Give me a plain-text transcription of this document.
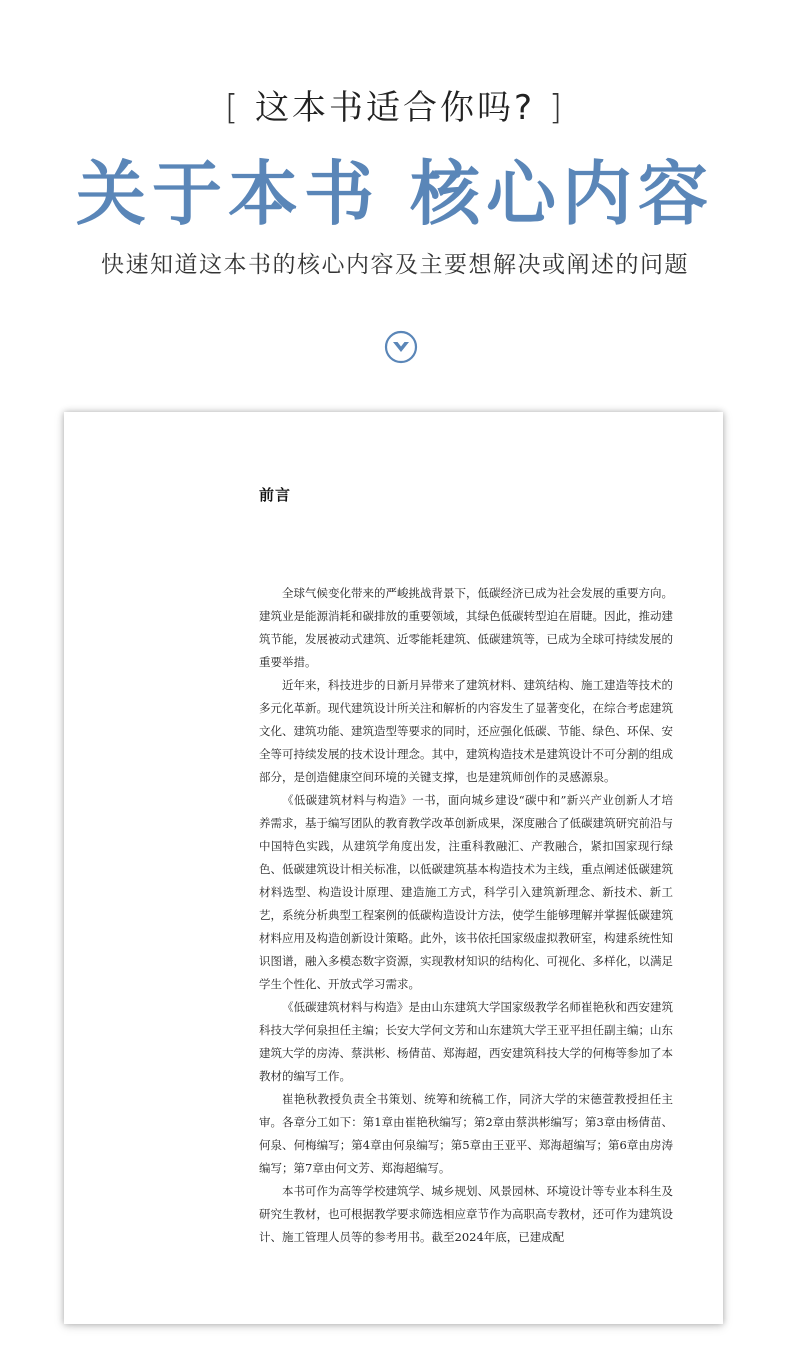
[ 这本书适合你吗? ]
关于本书 核心内容
快速知道这本书的核心内容及主要想解决或阐述的问题
前言

全球气候变化带来的严峻挑战背景下，低碳经济已成为社会发展的重要方向。建筑业是能源消耗和碳排放的重要领域，其绿色低碳转型迫在眉睫。因此，推动建筑节能，发展被动式建筑、近零能耗建筑、低碳建筑等，已成为全球可持续发展的重要举措。

近年来，科技进步的日新月异带来了建筑材料、建筑结构、施工建造等技术的多元化革新。现代建筑设计所关注和解析的内容发生了显著变化，在综合考虑建筑文化、建筑功能、建筑造型等要求的同时，还应强化低碳、节能、绿色、环保、安全等可持续发展的技术设计理念。其中，建筑构造技术是建筑设计不可分割的组成部分，是创造健康空间环境的关键支撑，也是建筑师创作的灵感源泉。

《低碳建筑材料与构造》一书，面向城乡建设“碳中和”新兴产业创新人才培养需求，基于编写团队的教育教学改革创新成果，深度融合了低碳建筑研究前沿与中国特色实践，从建筑学角度出发，注重科教融汇、产教融合，紧扣国家现行绿色、低碳建筑设计相关标准，以低碳建筑基本构造技术为主线，重点阐述低碳建筑材料选型、构造设计原理、建造施工方式，科学引入建筑新理念、新技术、新工艺，系统分析典型工程案例的低碳构造设计方法，使学生能够理解并掌握低碳建筑材料应用及构造创新设计策略。此外，该书依托国家级虚拟教研室，构建系统性知识图谱，融入多模态数字资源，实现教材知识的结构化、可视化、多样化，以满足学生个性化、开放式学习需求。

《低碳建筑材料与构造》是由山东建筑大学国家级教学名师崔艳秋和西安建筑科技大学何泉担任主编；长安大学何文芳和山东建筑大学王亚平担任副主编；山东建筑大学的房涛、蔡洪彬、杨倩苗、郑海超，西安建筑科技大学的何梅等参加了本教材的编写工作。

崔艳秋教授负责全书策划、统筹和统稿工作，同济大学的宋德萱教授担任主审。各章分工如下：第1章由崔艳秋编写；第2章由蔡洪彬编写；第3章由杨倩苗、何泉、何梅编写；第4章由何泉编写；第5章由王亚平、郑海超编写；第6章由房涛编写；第7章由何文芳、郑海超编写。

本书可作为高等学校建筑学、城乡规划、风景园林、环境设计等专业本科生及研究生教材，也可根据教学要求筛选相应章节作为高职高专教材，还可作为建筑设计、施工管理人员等的参考用书。截至2024年底，已建成配
